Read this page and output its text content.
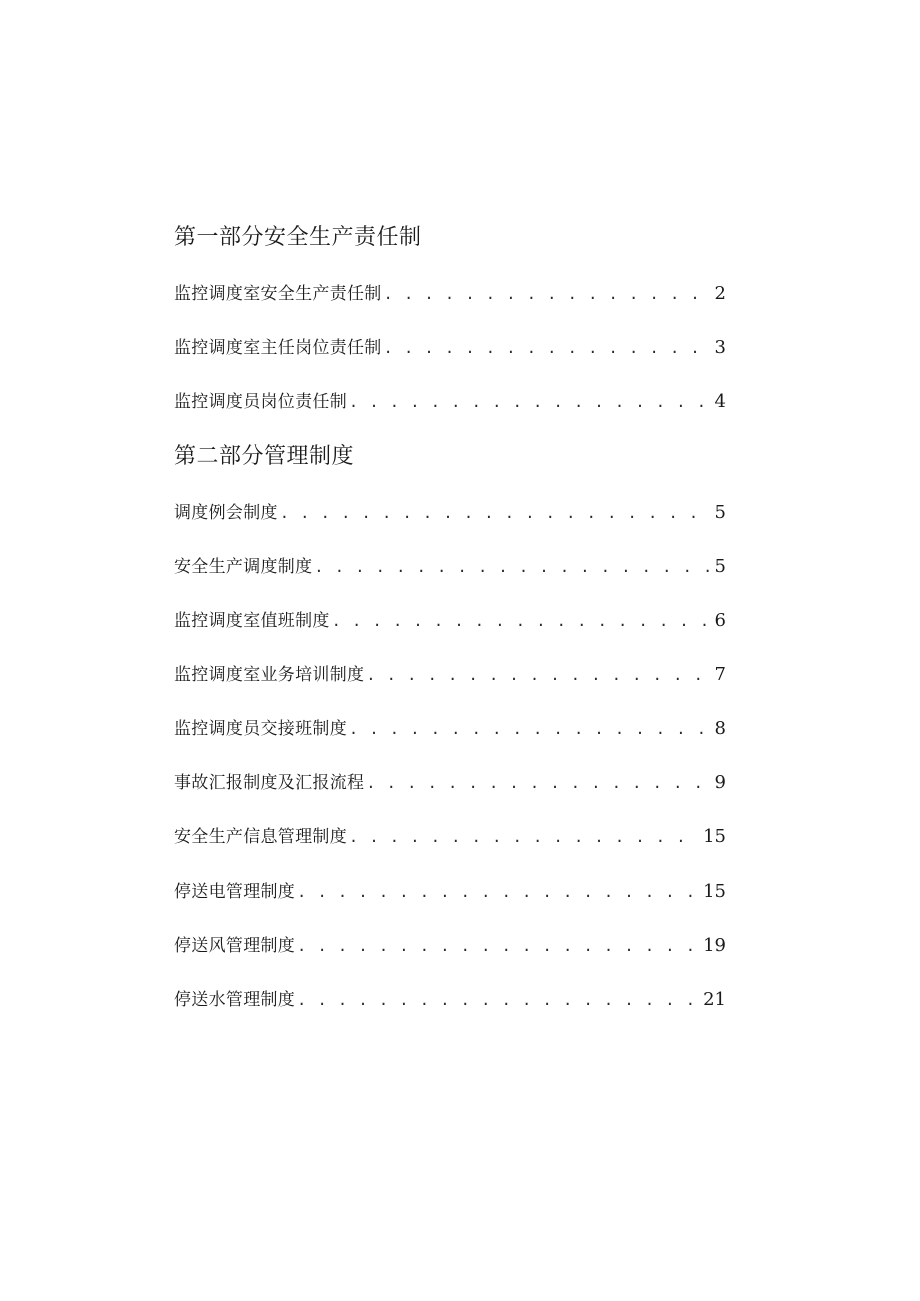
第一部分安全生产责任制
监控调度室安全生产责任制 . . .	2
监控调度室主任岗位责任制 . . .	3
监控调度员岗位责任制 . . .	4
第二部分管理制度
调度例会制度 . . .	5
安全生产调度制度 . . .	5
监控调度室值班制度 . . .	6
监控调度室业务培训制度 . . .	7
监控调度员交接班制度 . . .	8
事故汇报制度及汇报流程 . . .	9
安全生产信息管理制度 . . .	15
停送电管理制度 . . .	15
停送风管理制度 . . .	19
停送水管理制度 . . .	21
